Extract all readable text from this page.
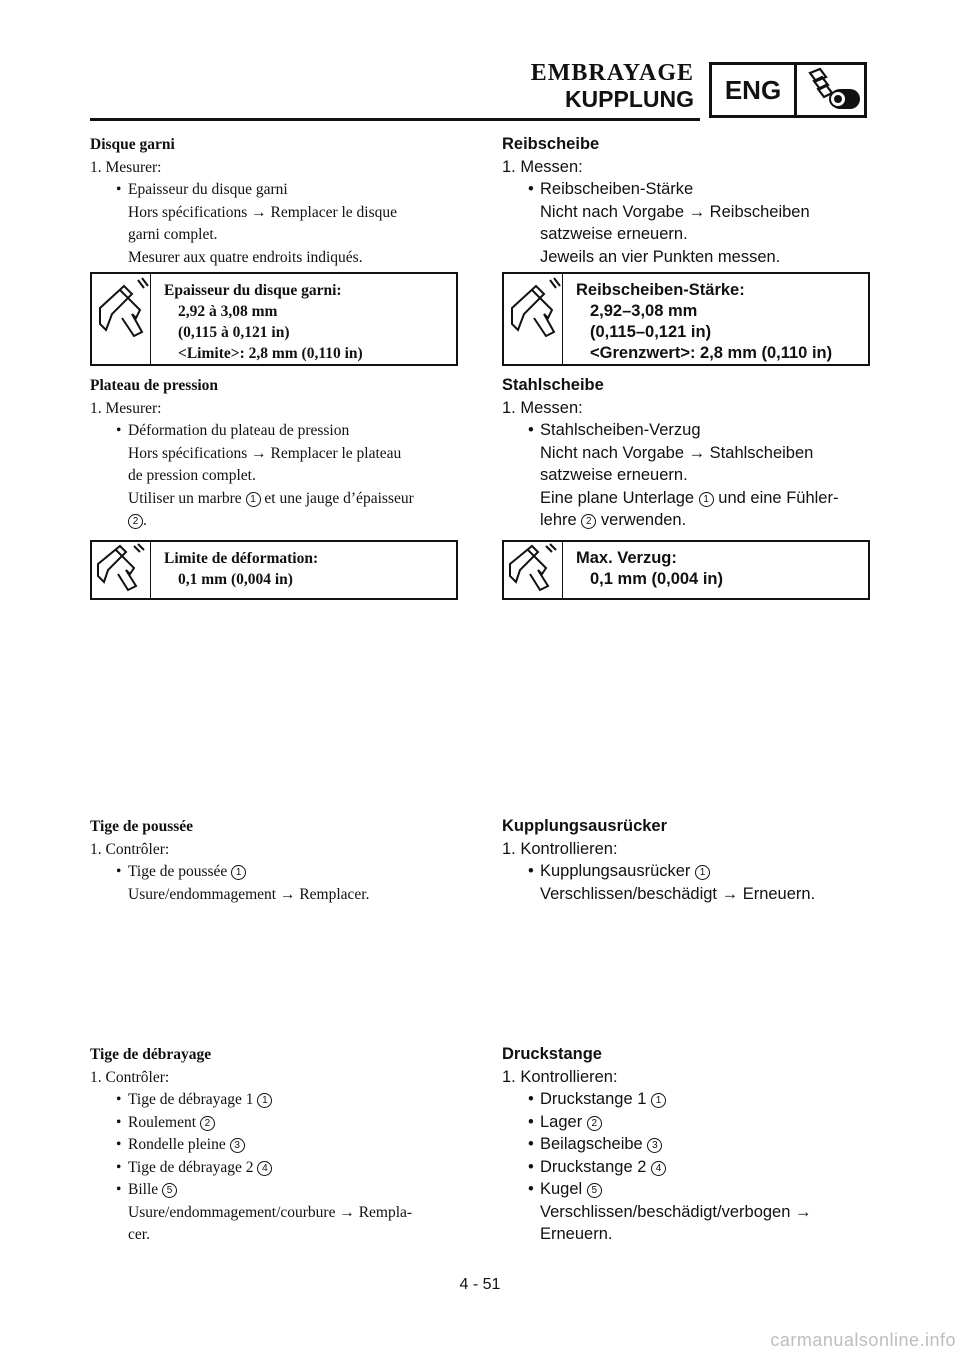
EMBRAYAGE
KUPPLUNG	ENG
Disque garni
1. Mesurer:
• Epaisseur du disque garni
Hors spécifications → Remplacer le disque
garni complet.
Mesurer aux quatre endroits indiqués.
Epaisseur du disque garni:
2,92 à 3,08 mm
(0,115 à 0,121 in)
<Limite>: 2,8 mm (0,110 in)
Plateau de pression
1. Mesurer:
• Déformation du plateau de pression
Hors spécifications → Remplacer le plateau
de pression complet.
Utiliser un marbre 1 et une jauge d’épaisseur
2 .
Limite de déformation:
0,1 mm (0,004 in)
Tige de poussée
1. Contrôler:
• Tige de poussée 1
Usure/endommagement → Remplacer.
Tige de débrayage
1. Contrôler:
• Tige de débrayage 1 1
• Roulement 2
• Rondelle pleine 3
• Tige de débrayage 2 4
• Bille 5
Usure/endommagement/courbure → Rempla-
cer.
Reibscheibe
1. Messen:
• Reibscheiben-Stärke
Nicht nach Vorgabe → Reibscheiben
satzweise erneuern.
Jeweils an vier Punkten messen.
Reibscheiben-Stärke:
2,92–3,08 mm
(0,115–0,121 in)
<Grenzwert>: 2,8 mm (0,110 in)
Stahlscheibe
1. Messen:
• Stahlscheiben-Verzug
Nicht nach Vorgabe → Stahlscheiben
satzweise erneuern.
Eine plane Unterlage 1 und eine Fühler-
lehre 2 verwenden.
Max. Verzug:
0,1 mm (0,004 in)
Kupplungsausrücker
1. Kontrollieren:
• Kupplungsausrücker 1
Verschlissen/beschädigt → Erneuern.
Druckstange
1. Kontrollieren:
• Druckstange 1 1
• Lager 2
• Beilagscheibe 3
• Druckstange 2 4
• Kugel 5
Verschlissen/beschädigt/verbogen →
Erneuern.
4 - 51
carmanualsonline.info
